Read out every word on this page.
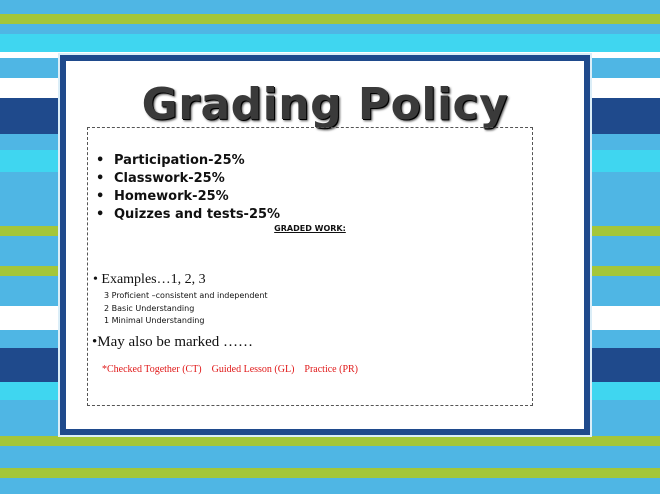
Grading Policy
• Participation-25%
• Classwork-25%
• Homework-25%
• Quizzes and tests-25%
GRADED WORK:
• Examples…1, 2, 3
3 Proficient –consistent and independent
2 Basic Understanding
1 Minimal Understanding
•May also be marked ……
*Checked Together (CT) Guided Lesson (GL) Practice (PR)
